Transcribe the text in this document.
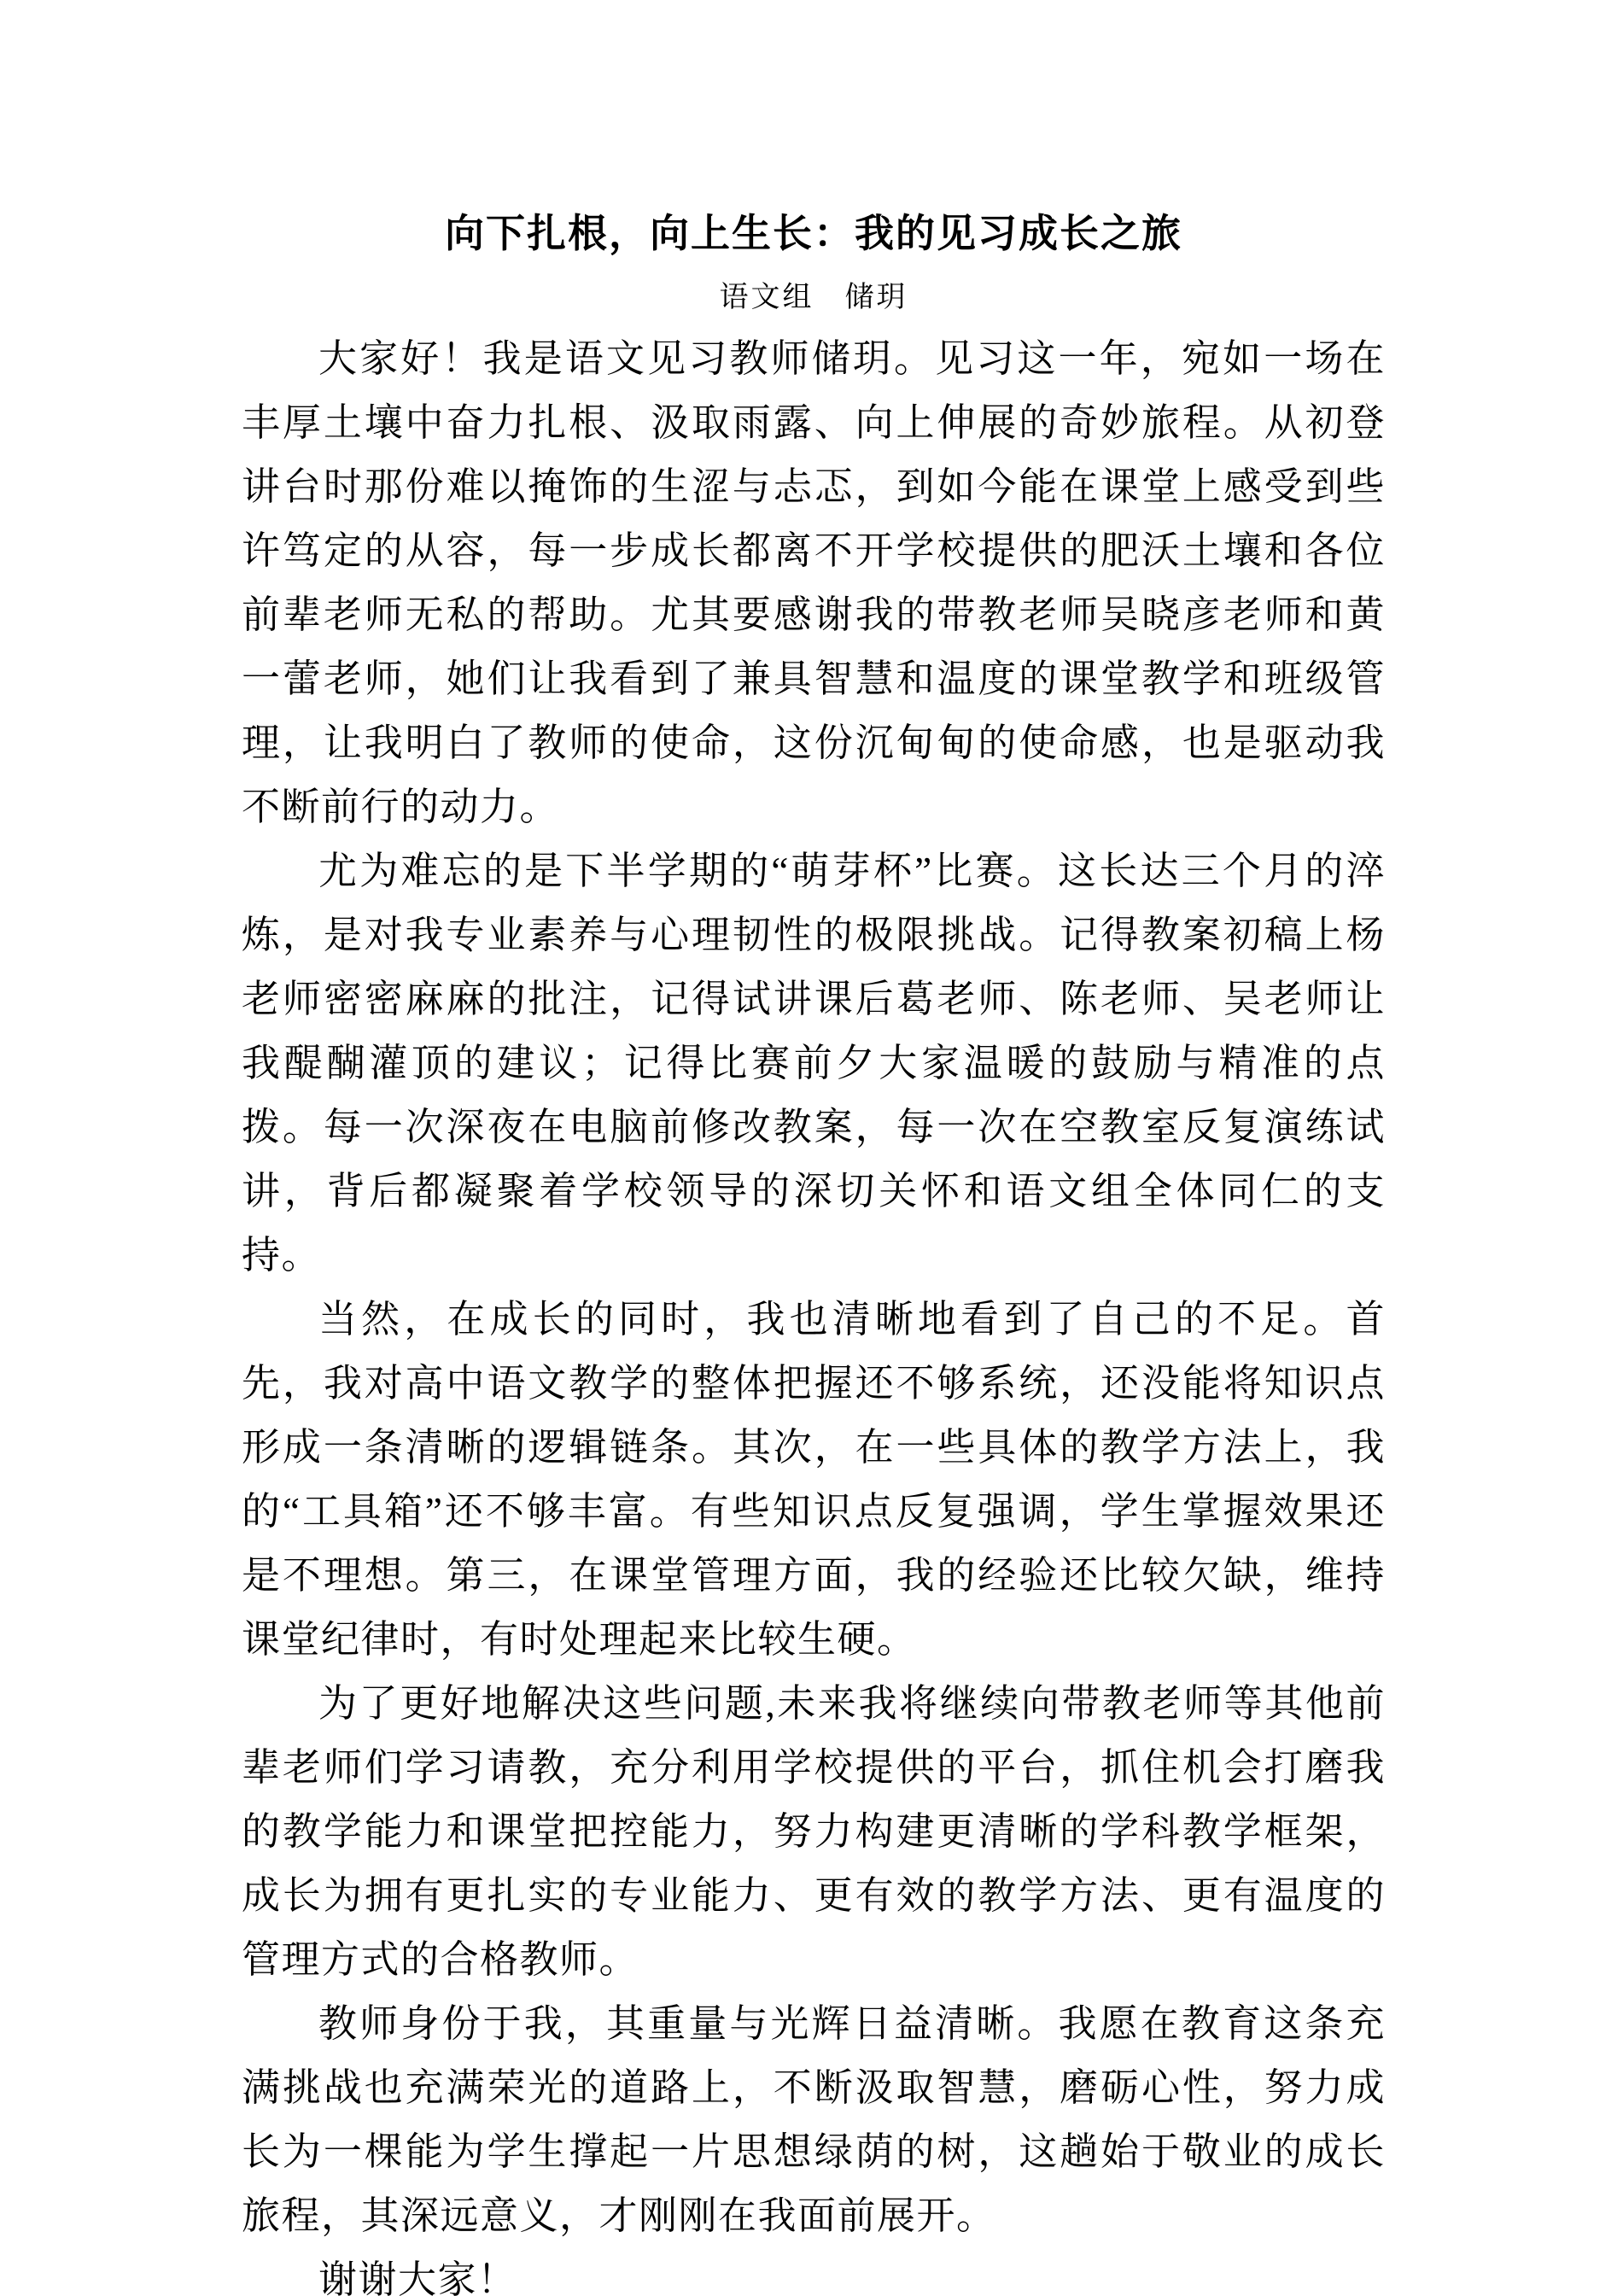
向下扎根，向上生长：我的见习成长之旅
语文组 储玥

大家好！我是语文见习教师储玥。见习这一年，宛如一场在丰厚土壤中奋力扎根、汲取雨露、向上伸展的奇妙旅程。从初登讲台时那份难以掩饰的生涩与忐忑，到如今能在课堂上感受到些许笃定的从容，每一步成长都离不开学校提供的肥沃土壤和各位前辈老师无私的帮助。尤其要感谢我的带教老师吴晓彦老师和黄一蕾老师，她们让我看到了兼具智慧和温度的课堂教学和班级管理，让我明白了教师的使命，这份沉甸甸的使命感，也是驱动我不断前行的动力。

尤为难忘的是下半学期的“萌芽杯”比赛。这长达三个月的淬炼，是对我专业素养与心理韧性的极限挑战。记得教案初稿上杨老师密密麻麻的批注，记得试讲课后葛老师、陈老师、吴老师让我醍醐灌顶的建议；记得比赛前夕大家温暖的鼓励与精准的点拨。每一次深夜在电脑前修改教案，每一次在空教室反复演练试讲，背后都凝聚着学校领导的深切关怀和语文组全体同仁的支持。

当然，在成长的同时，我也清晰地看到了自己的不足。首先，我对高中语文教学的整体把握还不够系统，还没能将知识点形成一条清晰的逻辑链条。其次，在一些具体的教学方法上，我的“工具箱”还不够丰富。有些知识点反复强调，学生掌握效果还是不理想。第三，在课堂管理方面，我的经验还比较欠缺，维持课堂纪律时，有时处理起来比较生硬。

为了更好地解决这些问题,未来我将继续向带教老师等其他前辈老师们学习请教，充分利用学校提供的平台，抓住机会打磨我的教学能力和课堂把控能力，努力构建更清晰的学科教学框架，成长为拥有更扎实的专业能力、更有效的教学方法、更有温度的管理方式的合格教师。

教师身份于我，其重量与光辉日益清晰。我愿在教育这条充满挑战也充满荣光的道路上，不断汲取智慧，磨砺心性，努力成长为一棵能为学生撑起一片思想绿荫的树，这趟始于敬业的成长旅程，其深远意义，才刚刚在我面前展开。

谢谢大家！
